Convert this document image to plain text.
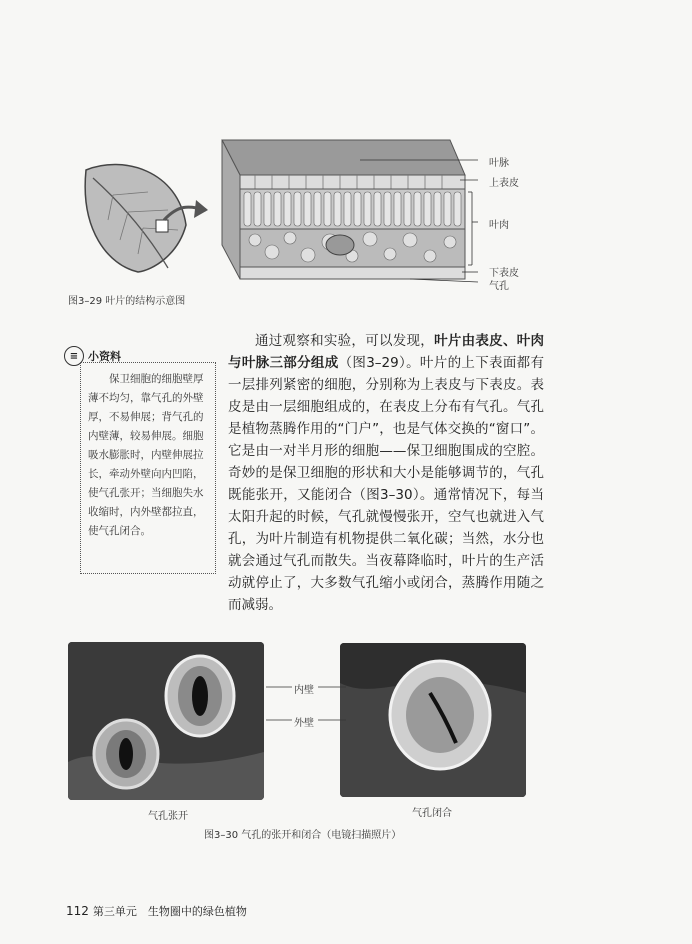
叶脉
上表皮
叶肉
下表皮
气孔
图3–29 叶片的结构示意图
≡ 小资料
保卫细胞的细胞壁厚薄不均匀，靠气孔的外壁厚，不易伸展；背气孔的内壁薄，较易伸展。细胞吸水膨胀时，内壁伸展拉长，牵动外壁向内凹陷，使气孔张开；当细胞失水收缩时，内外壁都拉直，使气孔闭合。
通过观察和实验，可以发现，叶片由表皮、叶肉与叶脉三部分组成（图3–29）。叶片的上下表面都有一层排列紧密的细胞，分别称为上表皮与下表皮。表皮是由一层细胞组成的，在表皮上分布有气孔。气孔是植物蒸腾作用的“门户”，也是气体交换的“窗口”。它是由一对半月形的细胞——保卫细胞围成的空腔。奇妙的是保卫细胞的形状和大小是能够调节的，气孔既能张开，又能闭合（图3–30）。通常情况下，每当太阳升起的时候，气孔就慢慢张开，空气也就进入气孔，为叶片制造有机物提供二氧化碳；当然，水分也就会通过气孔而散失。当夜幕降临时，叶片的生产活动就停止了，大多数气孔缩小或闭合，蒸腾作用随之而减弱。
内壁
外壁
气孔张开	气孔闭合
图3–30 气孔的张开和闭合（电镜扫描照片）
112 第三单元　生物圈中的绿色植物
